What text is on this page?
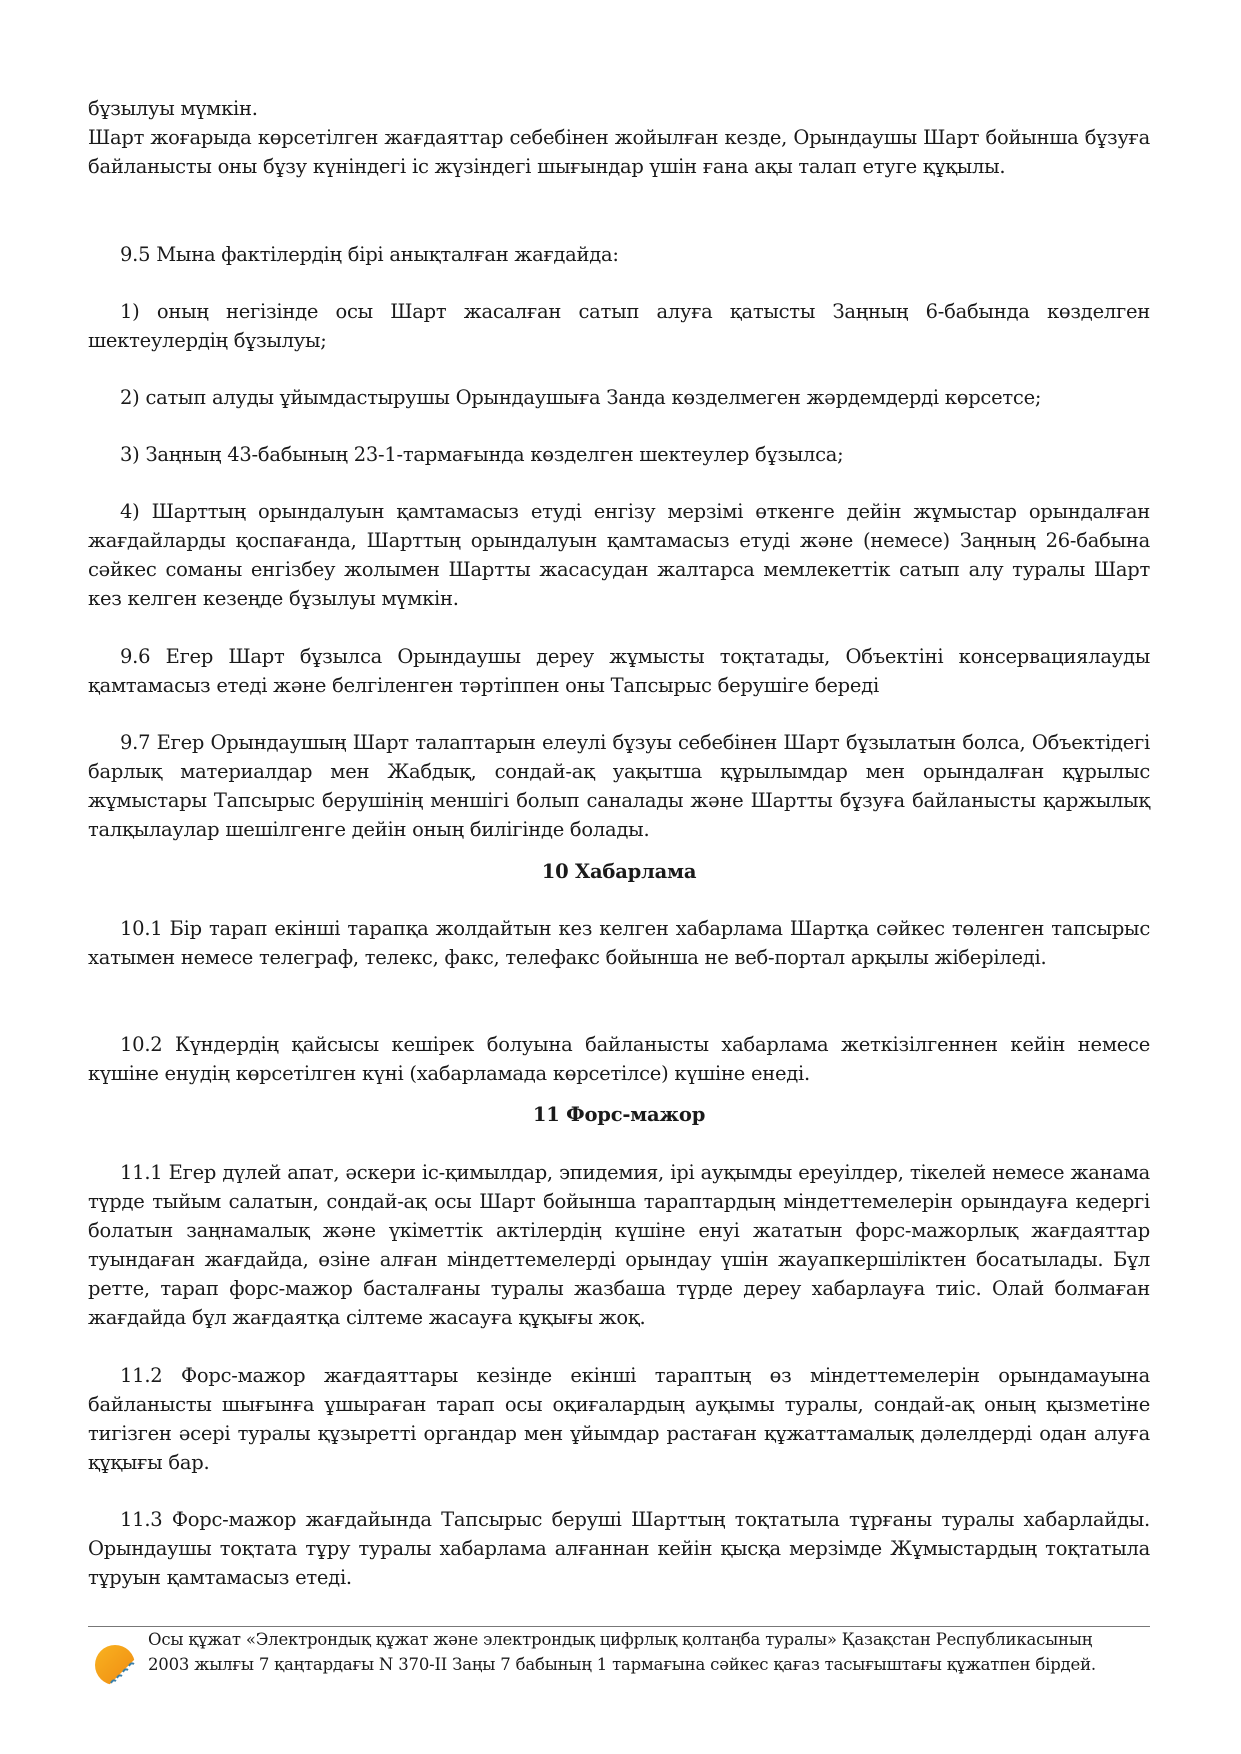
бұзылуы мүмкін.
Шарт жоғарыда көрсетілген жағдаяттар себебінен жойылған кезде, Орындаушы Шарт бойынша бұзуға байланысты оны бұзу күніндегі іс жүзіндегі шығындар үшін ғана ақы талап етуге құқылы.
9.5 Мына фактілердің бірі анықталған жағдайда:
1) оның негізінде осы Шарт жасалған сатып алуға қатысты Заңның 6-бабында көзделген шектеулердің бұзылуы;
2) сатып алуды ұйымдастырушы Орындаушыға Занда көзделмеген жәрдемдерді көрсетсе;
3) Заңның 43-бабының 23-1-тармағында көзделген шектеулер бұзылса;
4) Шарттың орындалуын қамтамасыз етуді енгізу мерзімі өткенге дейін жұмыстар орындалған жағдайларды қоспағанда, Шарттың орындалуын қамтамасыз етуді және (немесе) Заңның 26-бабына сәйкес соманы енгізбеу жолымен Шартты жасасудан жалтарса мемлекеттік сатып алу туралы Шарт кез келген кезеңде бұзылуы мүмкін.
9.6 Егер Шарт бұзылса Орындаушы дереу жұмысты тоқтатады, Объектіні консервациялауды қамтамасыз етеді және белгіленген тәртіппен оны Тапсырыс берушіге береді
9.7 Егер Орындаушың Шарт талаптарын елеулі бұзуы себебінен Шарт бұзылатын болса, Объектідегі барлық материалдар мен Жабдық, сондай-ақ уақытша құрылымдар мен орындалған құрылыс жұмыстары Тапсырыс берушінің меншігі болып саналады және Шартты бұзуға байланысты қаржылық талқылаулар шешілгенге дейін оның билігінде болады.
10 Хабарлама
10.1 Бір тарап екінші тарапқа жолдайтын кез келген хабарлама Шартқа сәйкес төленген тапсырыс хатымен немесе телеграф, телекс, факс, телефакс бойынша не веб-портал арқылы жіберіледі.
10.2 Күндердің қайсысы кешірек болуына байланысты хабарлама жеткізілгеннен кейін немесе күшіне енудің көрсетілген күні (хабарламада көрсетілсе) күшіне енеді.
11 Форс-мажор
11.1 Егер дүлей апат, әскери іс-қимылдар, эпидемия, ірі ауқымды ереуілдер, тікелей немесе жанама түрде тыйым салатын, сондай-ақ осы Шарт бойынша тараптардың міндеттемелерін орындауға кедергі болатын заңнамалық және үкіметтік актілердің күшіне енуі жататын форс-мажорлық жағдаяттар туындаған жағдайда, өзіне алған міндеттемелерді орындау үшін жауапкершіліктен босатылады. Бұл ретте, тарап форс-мажор басталғаны туралы жазбаша түрде дереу хабарлауға тиіс. Олай болмаған жағдайда бұл жағдаятқа сілтеме жасауға құқығы жоқ.
11.2 Форс-мажор жағдаяттары кезінде екінші тараптың өз міндеттемелерін орындамауына байланысты шығынға ұшыраған тарап осы оқиғалардың ауқымы туралы, сондай-ақ оның қызметіне тигізген әсері туралы құзыретті органдар мен ұйымдар растаған құжаттамалық дәлелдерді одан алуға құқығы бар.
11.3 Форс-мажор жағдайында Тапсырыс беруші Шарттың тоқтатыла тұрғаны туралы хабарлайды. Орындаушы тоқтата тұру туралы хабарлама алғаннан кейін қысқа мерзімде Жұмыстардың тоқтатыла тұруын қамтамасыз етеді.
Осы құжат «Электрондық құжат және электрондық цифрлық қолтаңба туралы» Қазақстан Республикасының 2003 жылғы 7 қаңтардағы N 370-II Заңы 7 бабының 1 тармағына сәйкес қағаз тасығыштағы құжатпен бірдей.
